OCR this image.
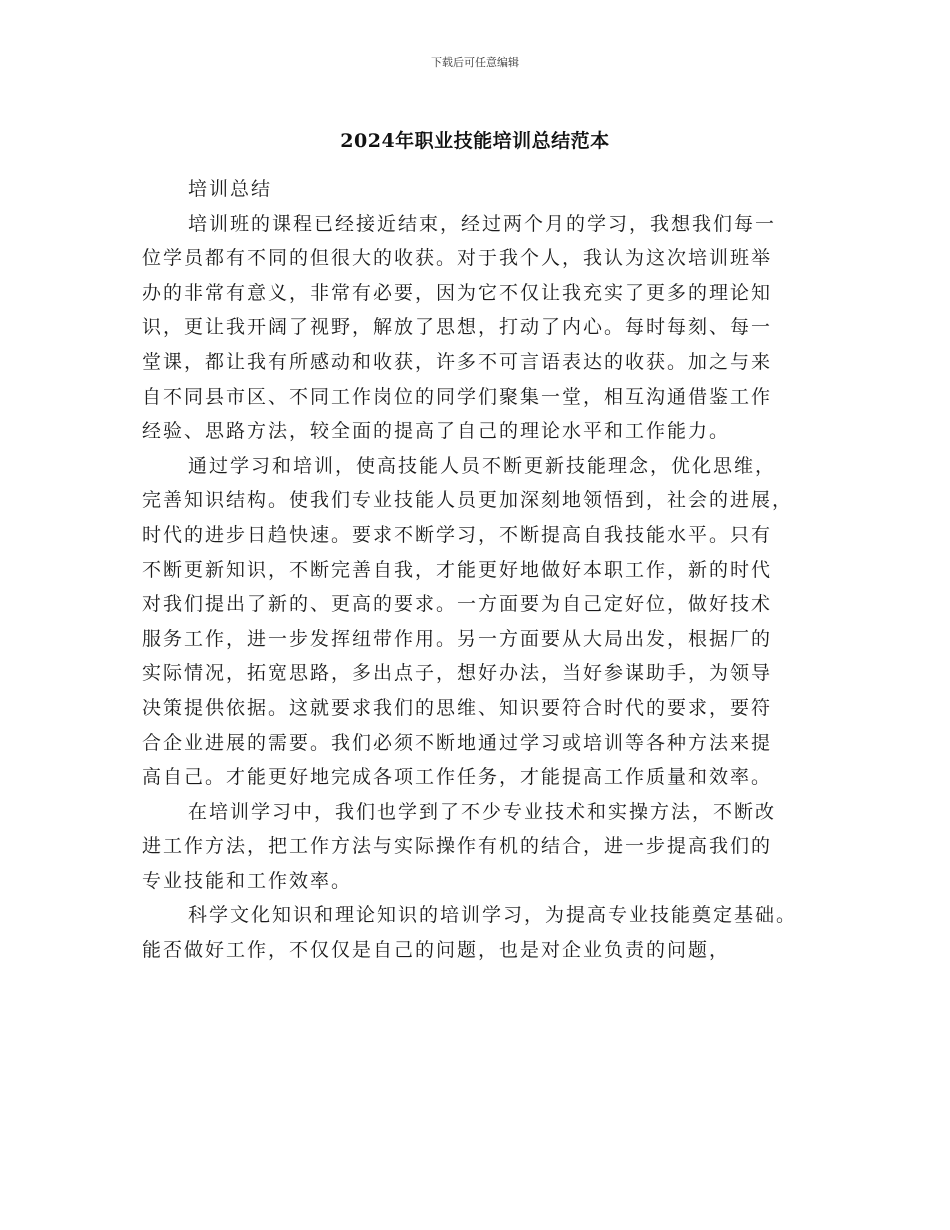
下载后可任意编辑
2024年职业技能培训总结范本
培训总结
培训班的课程已经接近结束，经过两个月的学习，我想我们每一
位学员都有不同的但很大的收获。对于我个人，我认为这次培训班举
办的非常有意义，非常有必要，因为它不仅让我充实了更多的理论知
识，更让我开阔了视野，解放了思想，打动了内心。每时每刻、每一
堂课，都让我有所感动和收获，许多不可言语表达的收获。加之与来
自不同县市区、不同工作岗位的同学们聚集一堂，相互沟通借鉴工作
经验、思路方法，较全面的提高了自己的理论水平和工作能力。
通过学习和培训，使高技能人员不断更新技能理念，优化思维，
完善知识结构。使我们专业技能人员更加深刻地领悟到，社会的进展，
时代的进步日趋快速。要求不断学习，不断提高自我技能水平。只有
不断更新知识，不断完善自我，才能更好地做好本职工作，新的时代
对我们提出了新的、更高的要求。一方面要为自己定好位，做好技术
服务工作，进一步发挥纽带作用。另一方面要从大局出发，根据厂的
实际情况，拓宽思路，多出点子，想好办法，当好参谋助手，为领导
决策提供依据。这就要求我们的思维、知识要符合时代的要求，要符
合企业进展的需要。我们必须不断地通过学习或培训等各种方法来提
高自己。才能更好地完成各项工作任务，才能提高工作质量和效率。
在培训学习中，我们也学到了不少专业技术和实操方法，不断改
进工作方法，把工作方法与实际操作有机的结合，进一步提高我们的
专业技能和工作效率。
科学文化知识和理论知识的培训学习，为提高专业技能奠定基础。
能否做好工作，不仅仅是自己的问题，也是对企业负责的问题，
